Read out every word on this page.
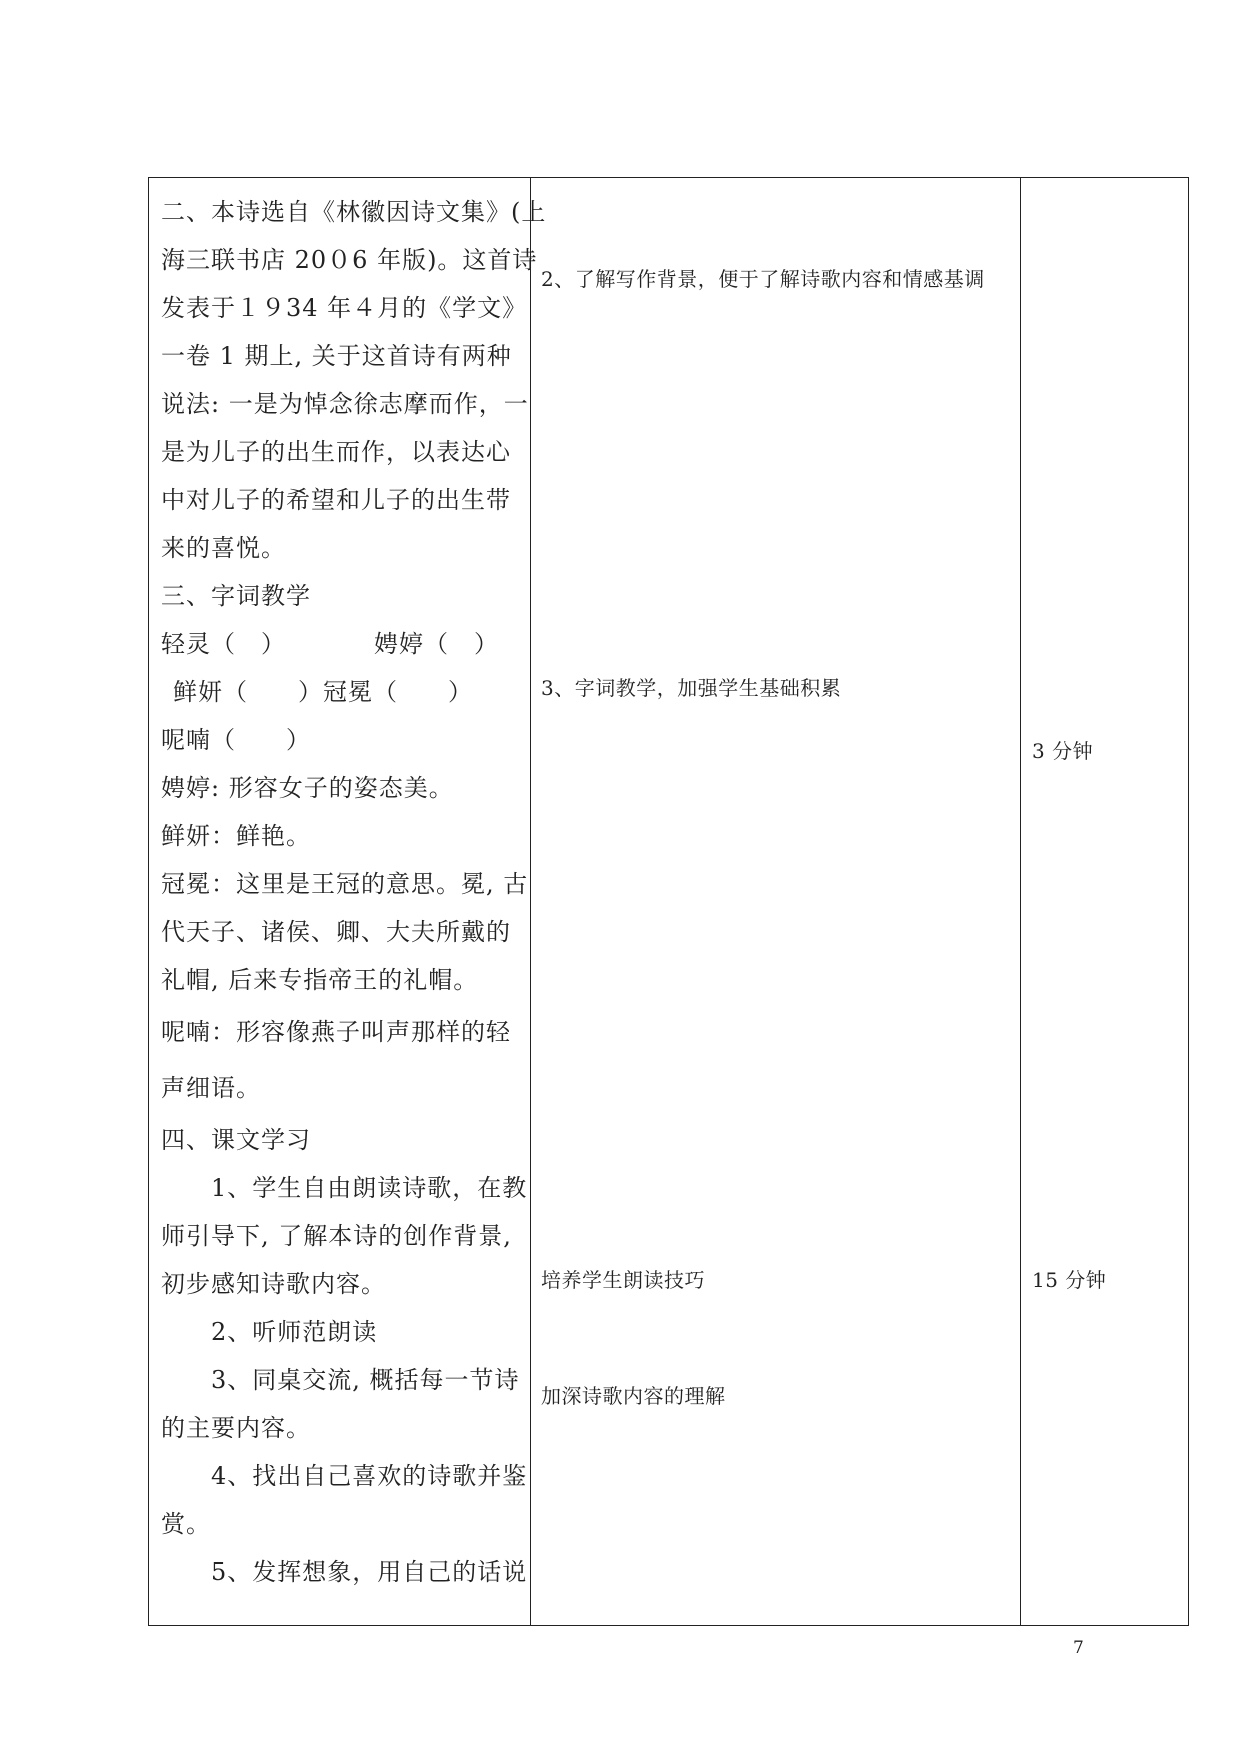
二、本诗选自《林徽因诗文集》(上
海三联书店 20０6 年版)。这首诗
发表于１９34 年４月的《学文》
一卷 1 期上, 关于这首诗有两种
说法: 一是为悼念徐志摩而作，一
是为儿子的出生而作，以表达心
中对儿子的希望和儿子的出生带
来的喜悦。
三、字词教学
轻灵（　）　　　　娉婷（　）
鲜妍（　　）冠冕（　　）
呢喃（　　）
娉婷: 形容女子的姿态美。
鲜妍：鲜艳。
冠冕：这里是王冠的意思。冕, 古
代天子、诸侯、卿、大夫所戴的
礼帽, 后来专指帝王的礼帽。
呢喃：形容像燕子叫声那样的轻
声细语。
四、课文学习
1、学生自由朗读诗歌，在教
师引导下, 了解本诗的创作背景,
初步感知诗歌内容。
2、听师范朗读
3、同桌交流, 概括每一节诗
的主要内容。
4、找出自己喜欢的诗歌并鉴
赏。
5、发挥想象，用自己的话说
2、了解写作背景，便于了解诗歌内容和情感基调
3、字词教学，加强学生基础积累
培养学生朗读技巧
加深诗歌内容的理解
3 分钟
15 分钟
7
